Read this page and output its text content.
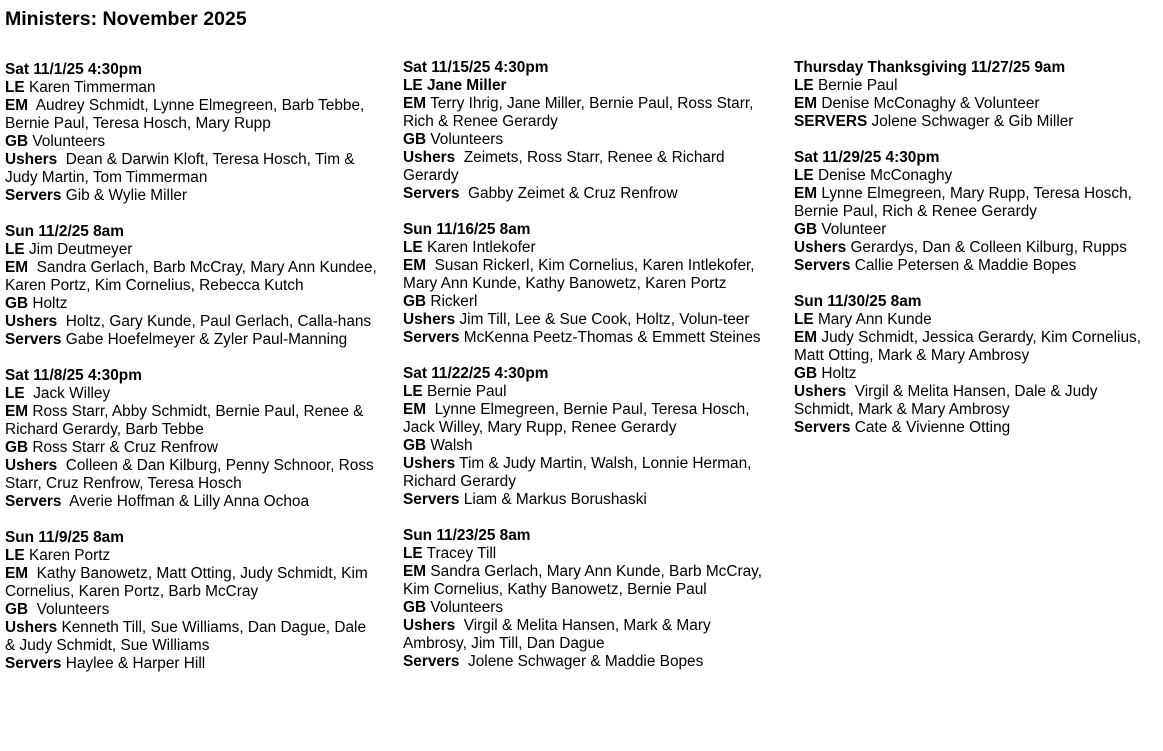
Ministers: November 2025
Sat 11/1/25 4:30pm
LE Karen Timmerman
EM  Audrey Schmidt, Lynne Elmegreen, Barb Tebbe, Bernie Paul, Teresa Hosch, Mary Rupp
GB Volunteers
Ushers  Dean & Darwin Kloft, Teresa Hosch, Tim & Judy Martin, Tom Timmerman
Servers Gib & Wylie Miller
Sun 11/2/25 8am
LE Jim Deutmeyer
EM  Sandra Gerlach, Barb McCray, Mary Ann Kundee, Karen Portz, Kim Cornelius, Rebecca Kutch
GB Holtz
Ushers  Holtz, Gary Kunde, Paul Gerlach, Calla-hans
Servers Gabe Hoefelmeyer & Zyler Paul-Manning
Sat 11/8/25 4:30pm
LE  Jack Willey
EM Ross Starr, Abby Schmidt, Bernie Paul, Renee & Richard Gerardy, Barb Tebbe
GB Ross Starr & Cruz Renfrow
Ushers  Colleen & Dan Kilburg, Penny Schnoor, Ross Starr, Cruz Renfrow, Teresa Hosch
Servers  Averie Hoffman & Lilly Anna Ochoa
Sun 11/9/25 8am
LE Karen Portz
EM  Kathy Banowetz, Matt Otting, Judy Schmidt, Kim Cornelius, Karen Portz, Barb McCray
GB  Volunteers
Ushers Kenneth Till, Sue Williams, Dan Dague, Dale & Judy Schmidt, Sue Williams
Servers Haylee & Harper Hill
Sat 11/15/25 4:30pm
LE Jane Miller
EM Terry Ihrig, Jane Miller, Bernie Paul, Ross Starr, Rich & Renee Gerardy
GB Volunteers
Ushers  Zeimets, Ross Starr, Renee & Richard Gerardy
Servers  Gabby Zeimet & Cruz Renfrow
Sun 11/16/25 8am
LE Karen Intlekofer
EM  Susan Rickerl, Kim Cornelius, Karen Intlekofer, Mary Ann Kunde, Kathy Banowetz, Karen Portz
GB Rickerl
Ushers Jim Till, Lee & Sue Cook, Holtz, Volun-teer
Servers McKenna Peetz-Thomas & Emmett Steines
Sat 11/22/25 4:30pm
LE Bernie Paul
EM  Lynne Elmegreen, Bernie Paul, Teresa Hosch, Jack Willey, Mary Rupp, Renee Gerardy
GB Walsh
Ushers Tim & Judy Martin, Walsh, Lonnie Herman, Richard Gerardy
Servers Liam & Markus Borushaski
Sun 11/23/25 8am
LE Tracey Till
EM Sandra Gerlach, Mary Ann Kunde, Barb McCray, Kim Cornelius, Kathy Banowetz, Bernie Paul
GB Volunteers
Ushers  Virgil & Melita Hansen, Mark & Mary Ambrosy, Jim Till, Dan Dague
Servers  Jolene Schwager & Maddie Bopes
Thursday Thanksgiving 11/27/25 9am
LE Bernie Paul
EM Denise McConaghy & Volunteer
SERVERS Jolene Schwager & Gib Miller
Sat 11/29/25 4:30pm
LE Denise McConaghy
EM Lynne Elmegreen, Mary Rupp, Teresa Hosch, Bernie Paul, Rich & Renee Gerardy
GB Volunteer
Ushers Gerardys, Dan & Colleen Kilburg, Rupps
Servers Callie Petersen & Maddie Bopes
Sun 11/30/25 8am
LE Mary Ann Kunde
EM Judy Schmidt, Jessica Gerardy, Kim Cornelius, Matt Otting, Mark & Mary Ambrosy
GB Holtz
Ushers  Virgil & Melita Hansen, Dale & Judy Schmidt, Mark & Mary Ambrosy
Servers Cate & Vivienne Otting
